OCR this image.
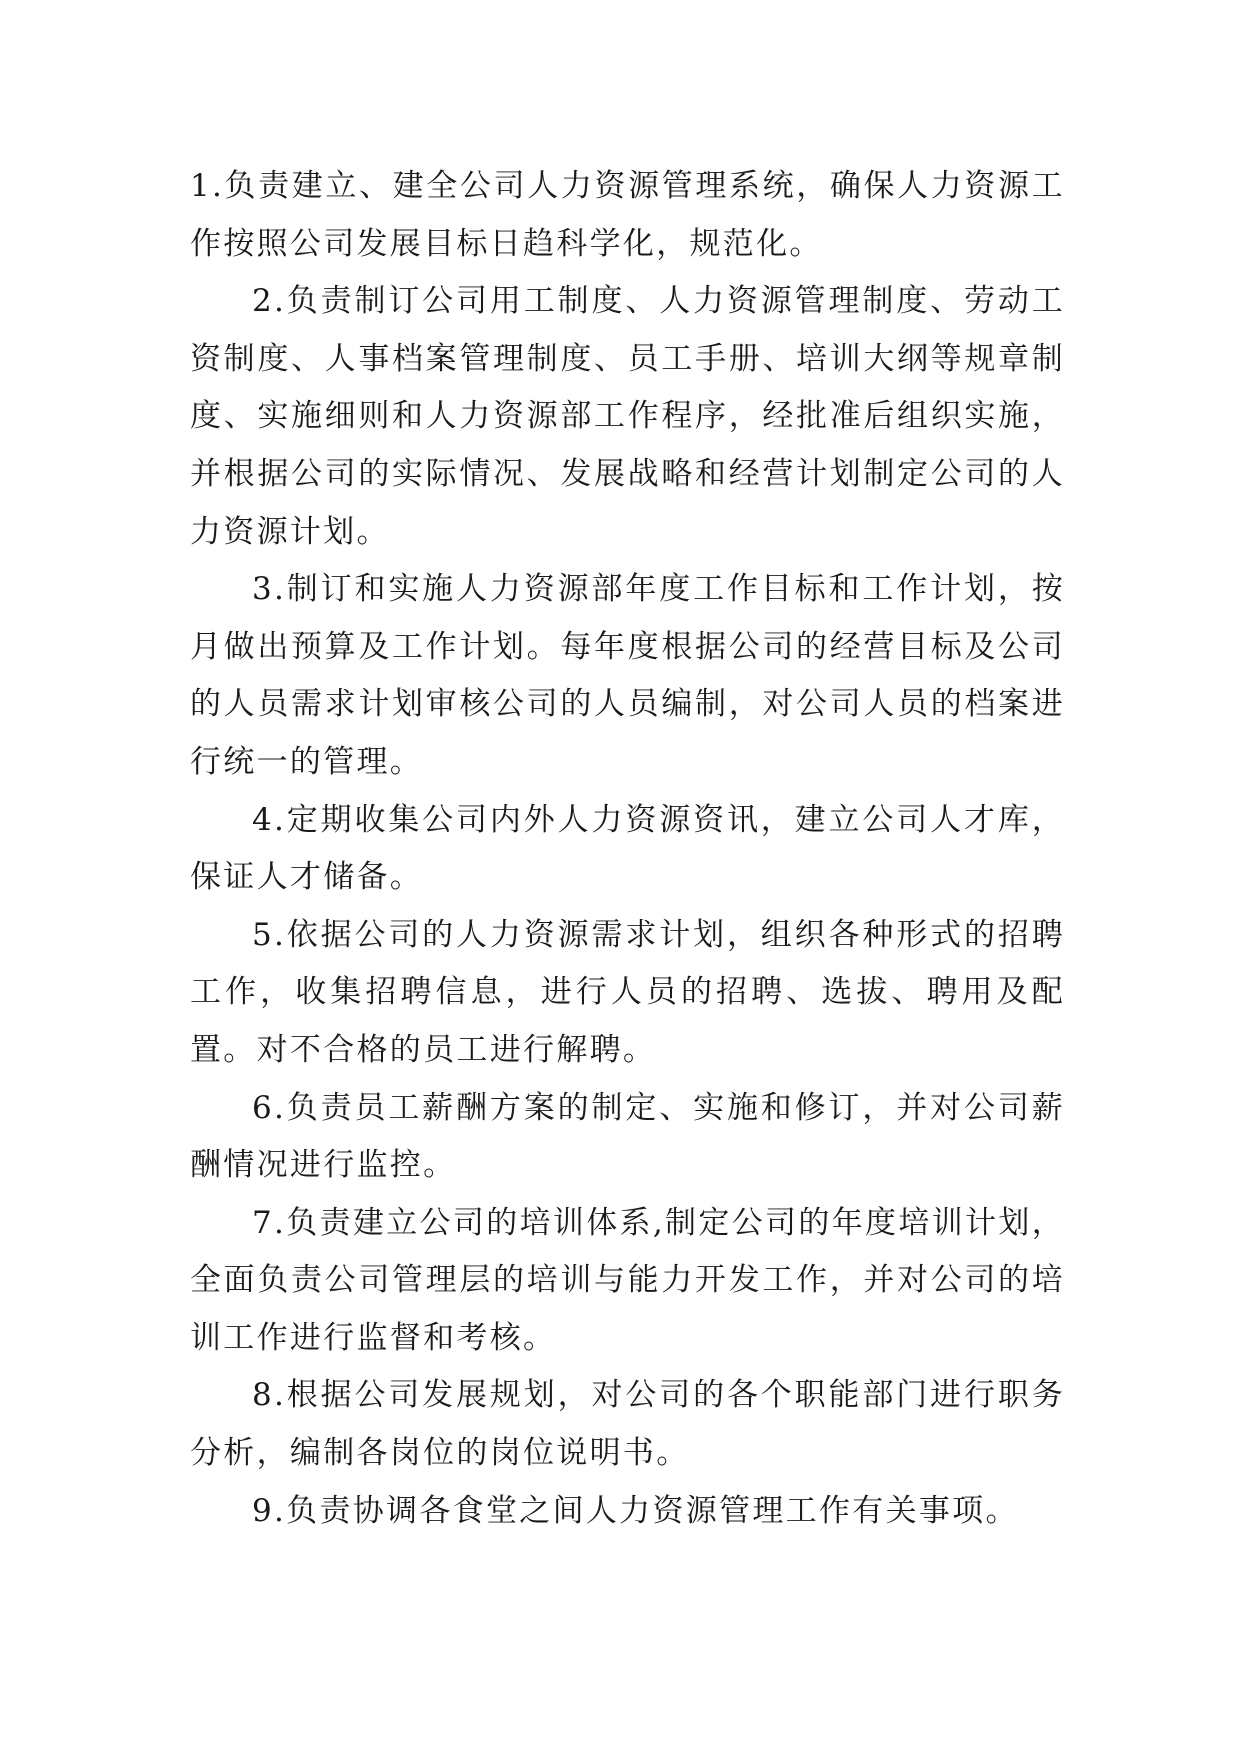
1.负责建立、建全公司人力资源管理系统，确保人力资源工作按照公司发展目标日趋科学化，规范化。

2.负责制订公司用工制度、人力资源管理制度、劳动工资制度、人事档案管理制度、员工手册、培训大纲等规章制度、实施细则和人力资源部工作程序，经批准后组织实施，并根据公司的实际情况、发展战略和经营计划制定公司的人力资源计划。

3.制订和实施人力资源部年度工作目标和工作计划，按月做出预算及工作计划。每年度根据公司的经营目标及公司的人员需求计划审核公司的人员编制，对公司人员的档案进行统一的管理。

4.定期收集公司内外人力资源资讯，建立公司人才库，保证人才储备。

5.依据公司的人力资源需求计划，组织各种形式的招聘工作，收集招聘信息，进行人员的招聘、选拔、聘用及配置。对不合格的员工进行解聘。

6.负责员工薪酬方案的制定、实施和修订，并对公司薪酬情况进行监控。

7.负责建立公司的培训体系,制定公司的年度培训计划，全面负责公司管理层的培训与能力开发工作，并对公司的培训工作进行监督和考核。

8.根据公司发展规划，对公司的各个职能部门进行职务分析，编制各岗位的岗位说明书。

9.负责协调各食堂之间人力资源管理工作有关事项。
